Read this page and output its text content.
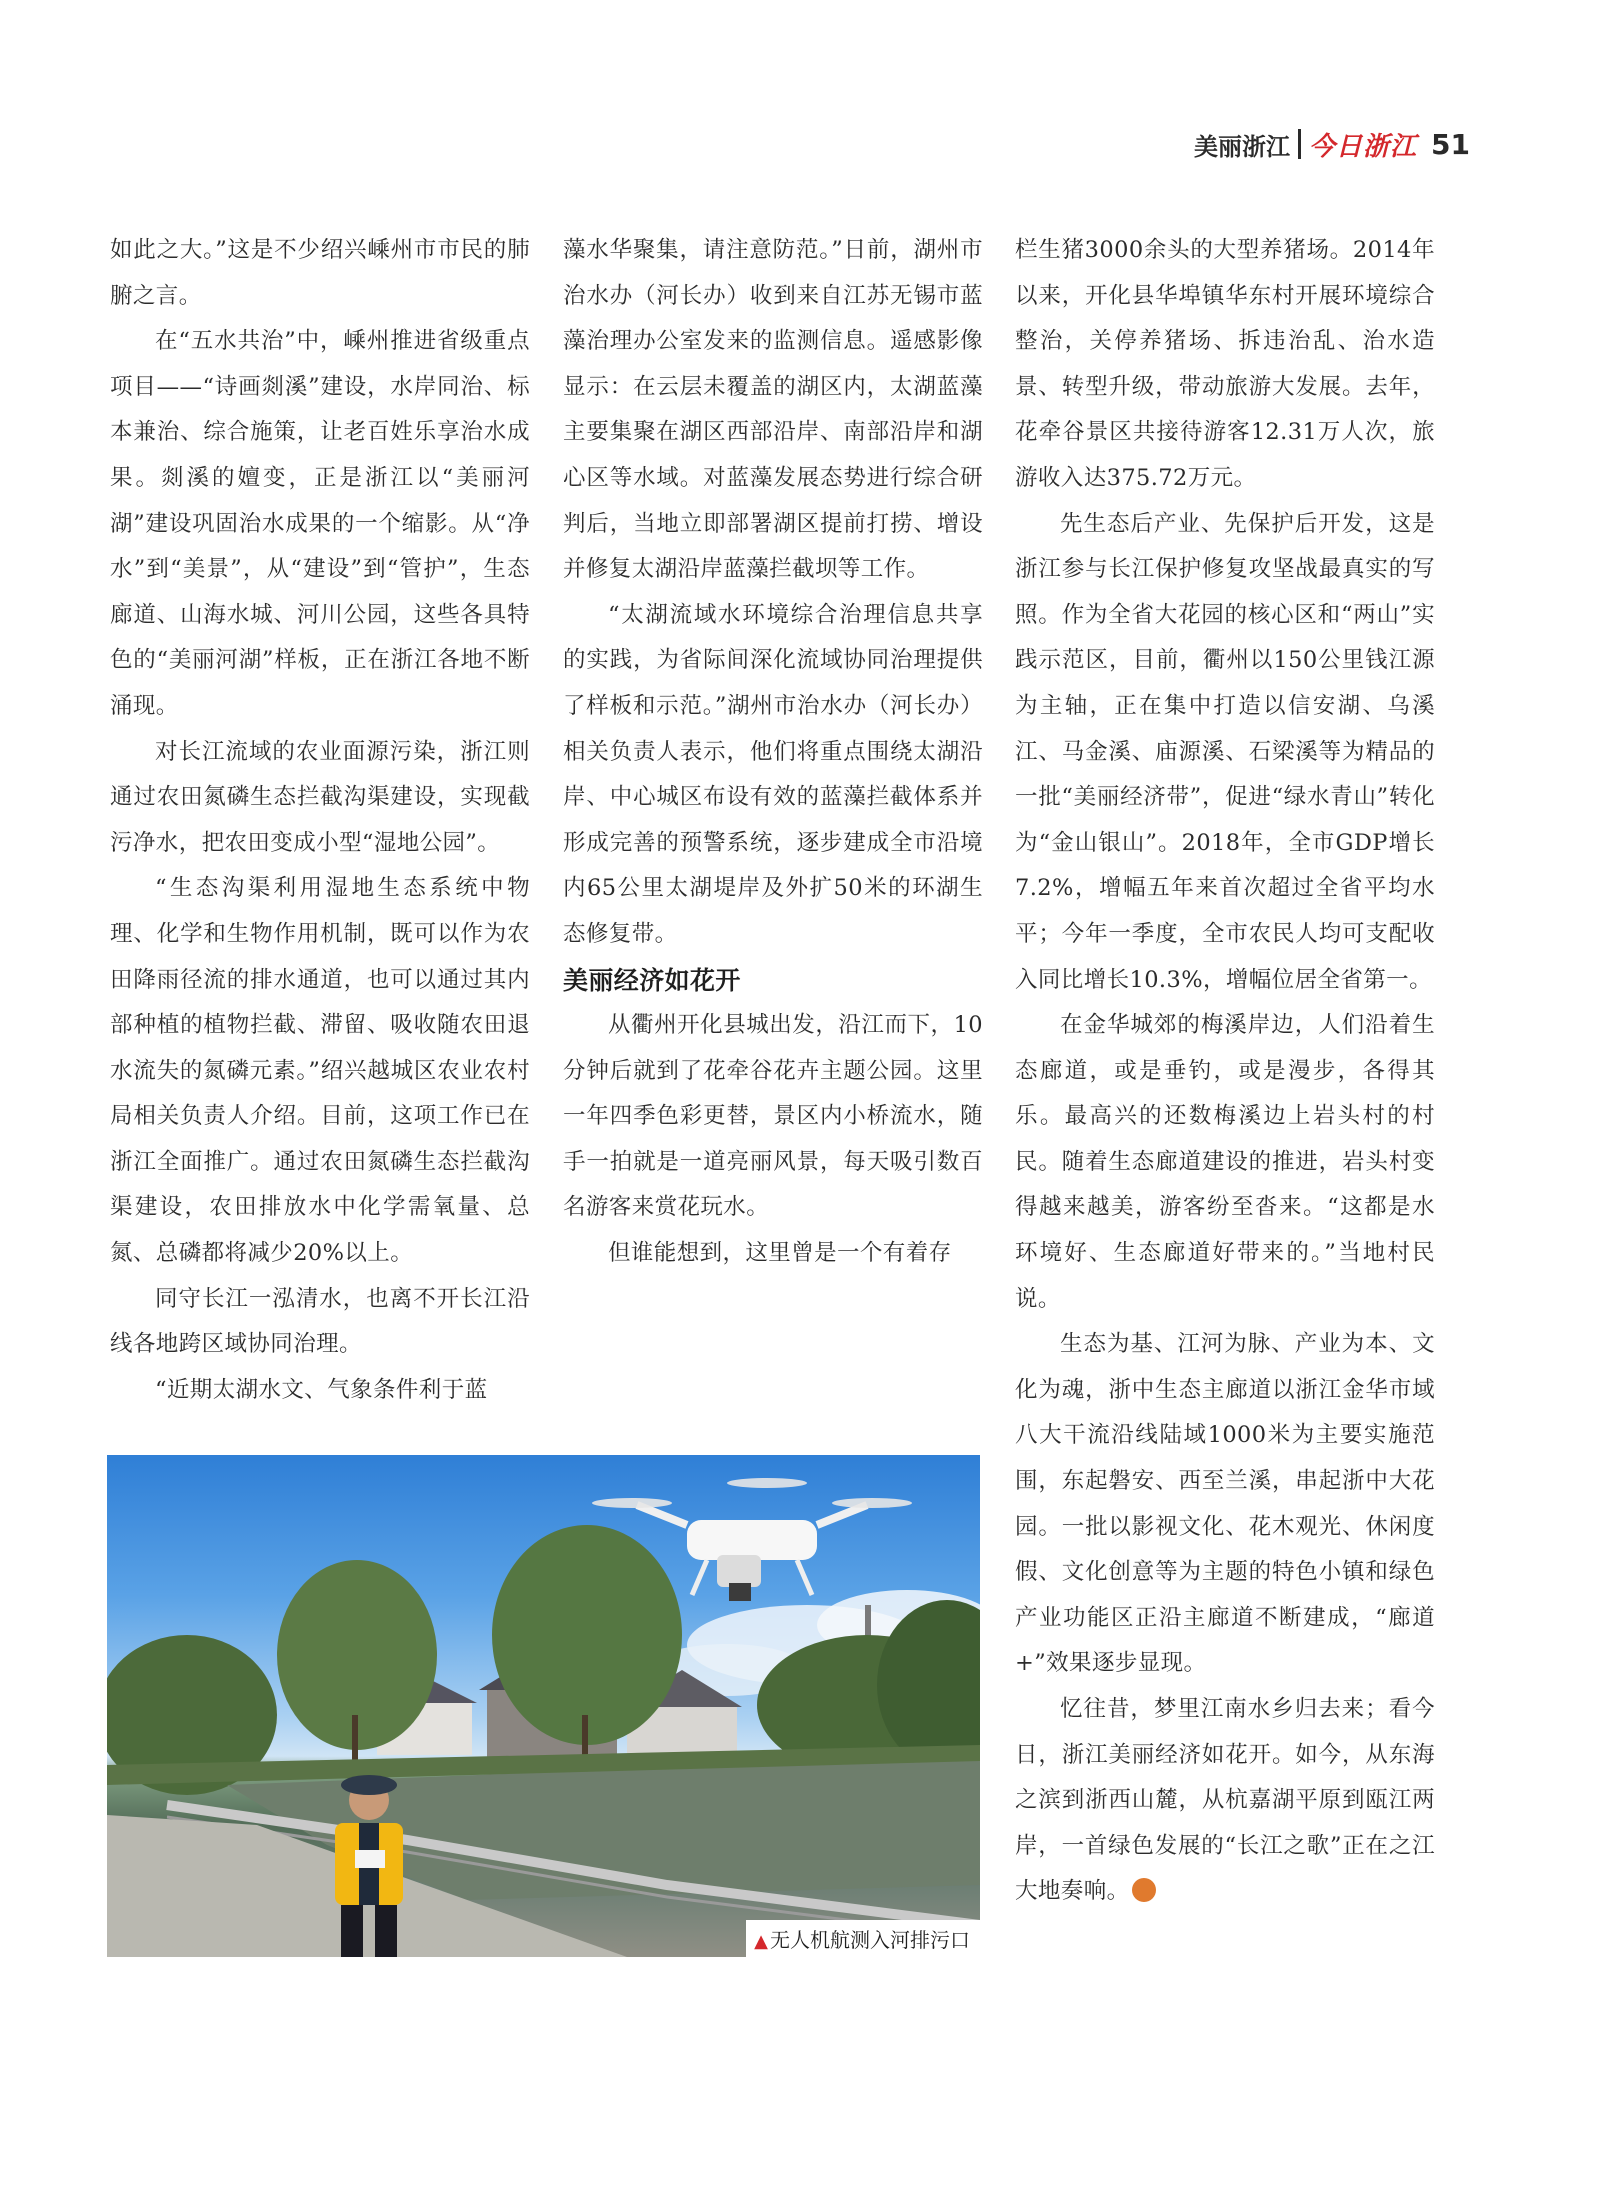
美丽浙江 今日浙江 51

如此之大。”这是不少绍兴嵊州市市民的肺腑之言。

在“五水共治”中，嵊州推进省级重点项目——“诗画剡溪”建设，水岸同治、标本兼治、综合施策，让老百姓乐享治水成果。剡溪的嬗变，正是浙江以“美丽河湖”建设巩固治水成果的一个缩影。从“净水”到“美景”，从“建设”到“管护”，生态廊道、山海水城、河川公园，这些各具特色的“美丽河湖”样板，正在浙江各地不断涌现。

对长江流域的农业面源污染，浙江则通过农田氮磷生态拦截沟渠建设，实现截污净水，把农田变成小型“湿地公园”。

“生态沟渠利用湿地生态系统中物理、化学和生物作用机制，既可以作为农田降雨径流的排水通道，也可以通过其内部种植的植物拦截、滞留、吸收随农田退水流失的氮磷元素。”绍兴越城区农业农村局相关负责人介绍。目前，这项工作已在浙江全面推广。通过农田氮磷生态拦截沟渠建设，农田排放水中化学需氧量、总氮、总磷都将减少20%以上。

同守长江一泓清水，也离不开长江沿线各地跨区域协同治理。

“近期太湖水文、气象条件利于蓝

藻水华聚集，请注意防范。”日前，湖州市治水办（河长办）收到来自江苏无锡市蓝藻治理办公室发来的监测信息。遥感影像显示：在云层未覆盖的湖区内，太湖蓝藻主要集聚在湖区西部沿岸、南部沿岸和湖心区等水域。对蓝藻发展态势进行综合研判后，当地立即部署湖区提前打捞、增设并修复太湖沿岸蓝藻拦截坝等工作。

“太湖流域水环境综合治理信息共享的实践，为省际间深化流域协同治理提供了样板和示范。”湖州市治水办（河长办）相关负责人表示，他们将重点围绕太湖沿岸、中心城区布设有效的蓝藻拦截体系并形成完善的预警系统，逐步建成全市沿境内65公里太湖堤岸及外扩50米的环湖生态修复带。

美丽经济如花开

从衢州开化县城出发，沿江而下，10分钟后就到了花牵谷花卉主题公园。这里一年四季色彩更替，景区内小桥流水，随手一拍就是一道亮丽风景，每天吸引数百名游客来赏花玩水。

但谁能想到，这里曾是一个有着存

栏生猪3000余头的大型养猪场。2014年以来，开化县华埠镇华东村开展环境综合整治，关停养猪场、拆违治乱、治水造景、转型升级，带动旅游大发展。去年，花牵谷景区共接待游客12.31万人次，旅游收入达375.72万元。

先生态后产业、先保护后开发，这是浙江参与长江保护修复攻坚战最真实的写照。作为全省大花园的核心区和“两山”实践示范区，目前，衢州以150公里钱江源为主轴，正在集中打造以信安湖、乌溪江、马金溪、庙源溪、石梁溪等为精品的一批“美丽经济带”，促进“绿水青山”转化为“金山银山”。2018年，全市GDP增长7.2%，增幅五年来首次超过全省平均水平；今年一季度，全市农民人均可支配收入同比增长10.3%，增幅位居全省第一。

在金华城郊的梅溪岸边，人们沿着生态廊道，或是垂钓，或是漫步，各得其乐。最高兴的还数梅溪边上岩头村的村民。随着生态廊道建设的推进，岩头村变得越来越美，游客纷至沓来。“这都是水环境好、生态廊道好带来的。”当地村民说。

生态为基、江河为脉、产业为本、文化为魂，浙中生态主廊道以浙江金华市域八大干流沿线陆域1000米为主要实施范围，东起磐安、西至兰溪，串起浙中大花园。一批以影视文化、花木观光、休闲度假、文化创意等为主题的特色小镇和绿色产业功能区正沿主廊道不断建成，“廊道+”效果逐步显现。

忆往昔，梦里江南水乡归去来；看今日，浙江美丽经济如花开。如今，从东海之滨到浙西山麓，从杭嘉湖平原到瓯江两岸，一首绿色发展的“长江之歌”正在之江大地奏响。

▲ 无人机航测入河排污口
